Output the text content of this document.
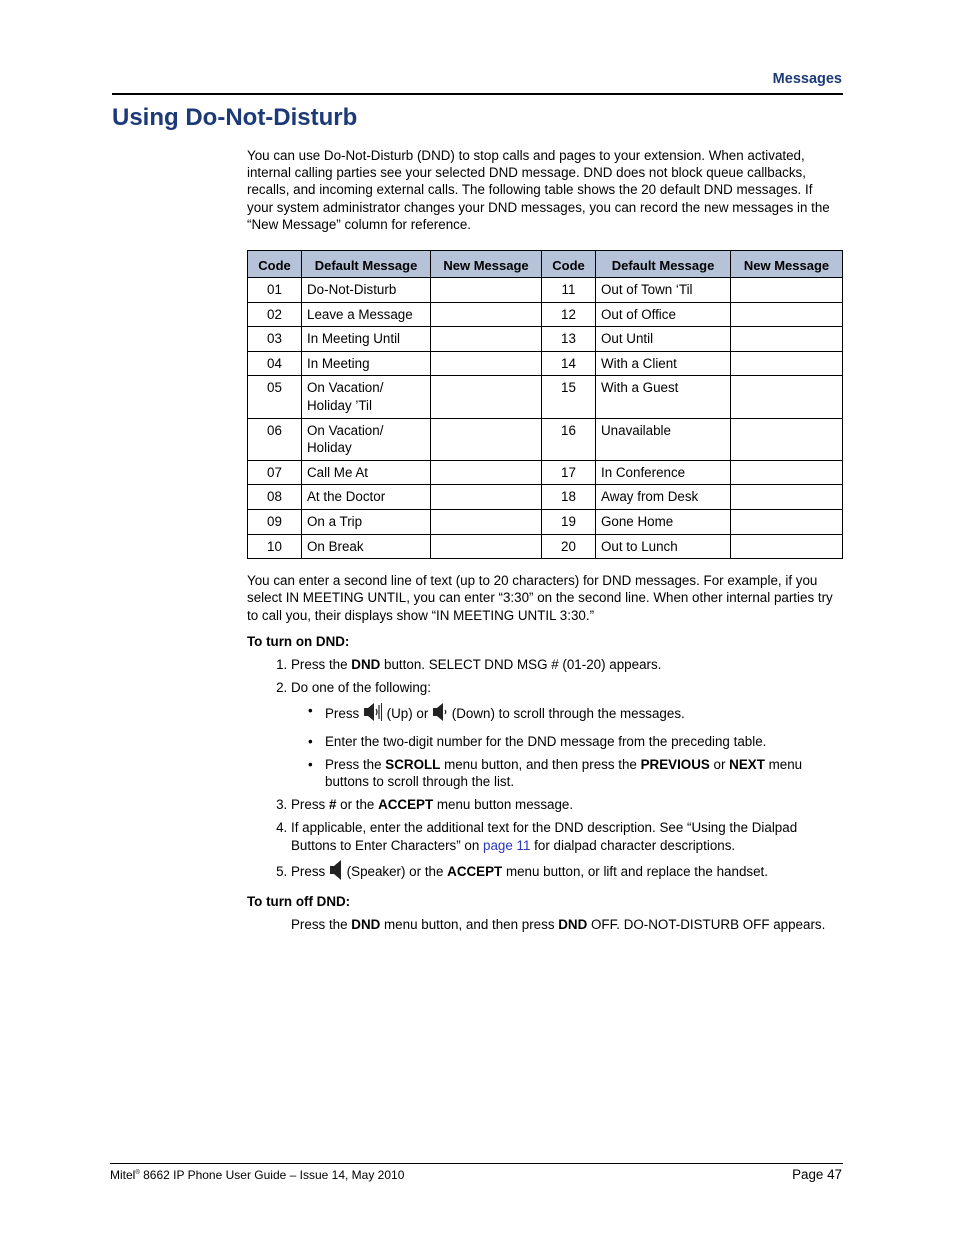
Messages
Using Do-Not-Disturb

You can use Do-Not-Disturb (DND) to stop calls and pages to your extension. When activated, internal calling parties see your selected DND message. DND does not block queue callbacks, recalls, and incoming external calls. The following table shows the 20 default DND messages. If your system administrator changes your DND messages, you can record the new messages in the “New Message” column for reference.

Code	Default Message	New Message	Code	Default Message	New Message
01	Do-Not-Disturb		11	Out of Town ‘Til	
02	Leave a Message		12	Out of Office	
03	In Meeting Until		13	Out Until	
04	In Meeting		14	With a Client	
05	On Vacation/
Holiday ’Til		15	With a Guest	
06	On Vacation/
Holiday		16	Unavailable	
07	Call Me At		17	In Conference	
08	At the Doctor		18	Away from Desk	
09	On a Trip		19	Gone Home	
10	On Break		20	Out to Lunch	

You can enter a second line of text (up to 20 characters) for DND messages. For example, if you select IN MEETING UNTIL, you can enter “3:30” on the second line. When other internal parties try to call you, their displays show “IN MEETING UNTIL 3:30.”

To turn on DND:
1. Press the DND button. SELECT DND MSG # (01-20) appears.
2. Do one of the following:
• Press  (Up) or  (Down) to scroll through the messages.
• Enter the two-digit number for the DND message from the preceding table.
• Press the SCROLL menu button, and then press the PREVIOUS or NEXT menu buttons to scroll through the list.
3. Press # or the ACCEPT menu button message.
4. If applicable, enter the additional text for the DND description. See “Using the Dialpad Buttons to Enter Characters” on page 11 for dialpad character descriptions.
5. Press  (Speaker) or the ACCEPT menu button, or lift and replace the handset.
To turn off DND:

Press the DND menu button, and then press DND OFF. DO-NOT-DISTURB OFF appears.

Mitel® 8662 IP Phone User Guide – Issue 14, May 2010	Page 47
